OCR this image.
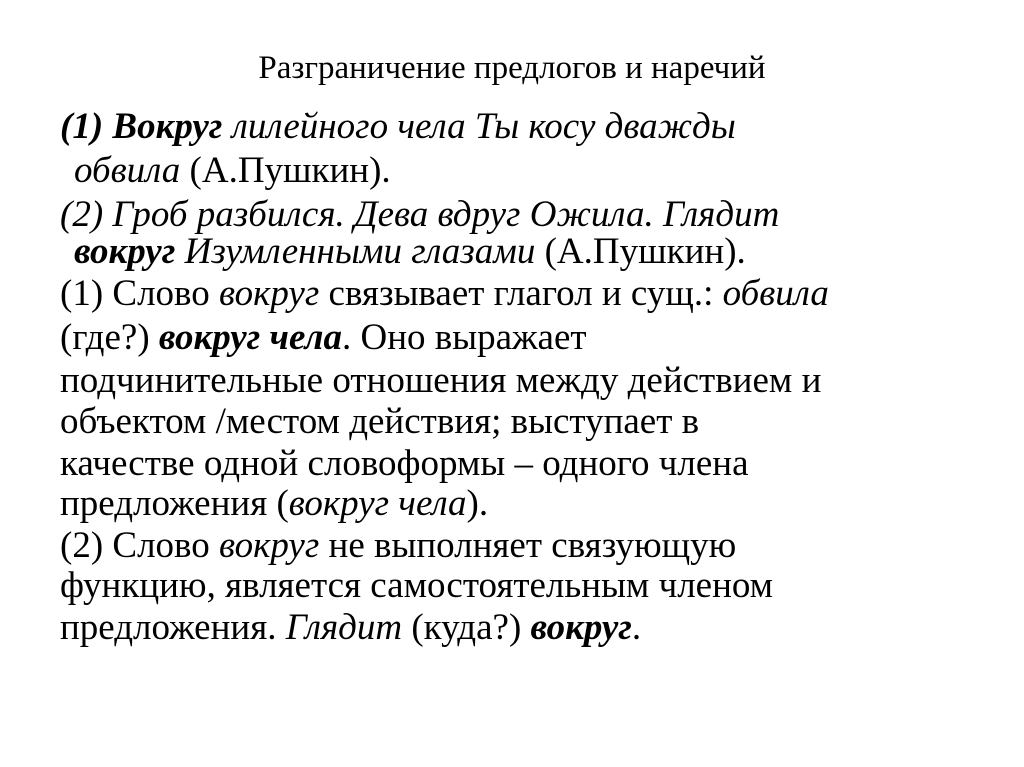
Разграничение предлогов и наречий
(1) Вокруг лилейного чела Ты косу дважды
обвила (А.Пушкин).
(2) Гроб разбился. Дева вдруг Ожила. Глядит
вокруг Изумленными глазами (А.Пушкин).
(1) Слово вокруг связывает глагол и сущ.: обвила
(где?) вокруг чела. Оно выражает
подчинительные отношения между действием и
объектом /местом действия; выступает в
качестве одной словоформы – одного члена
предложения (вокруг чела).
(2) Слово вокруг не выполняет связующую
функцию, является самостоятельным членом
предложения. Глядит (куда?) вокруг.
